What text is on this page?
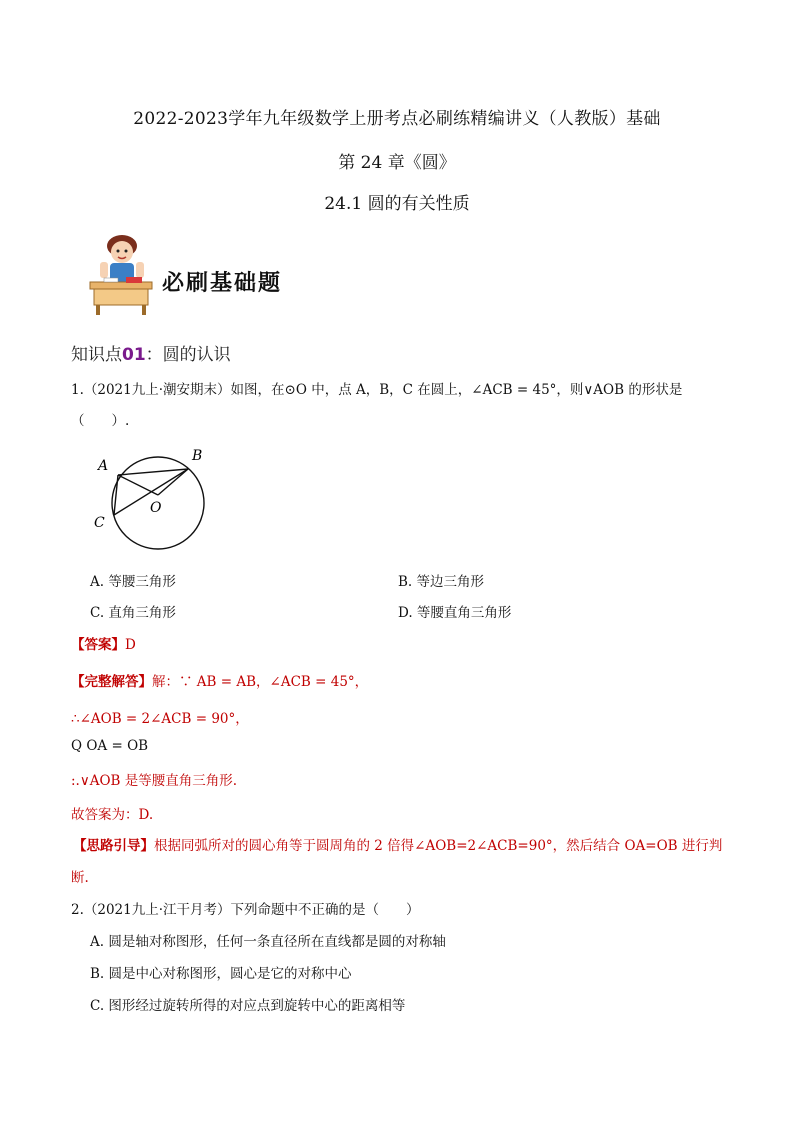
2022-2023学年九年级数学上册考点必刷练精编讲义（人教版）基础
第 24 章《圆》
24.1 圆的有关性质
必刷基础题
知识点01：圆的认识
1.（2021九上·潮安期末）如图，在⊙O 中，点 A，B，C 在圆上，∠ACB = 45°，则∨AOB 的形状是
（　　）.
A
B
C
O
A. 等腰三角形	B. 等边三角形
C. 直角三角形	D. 等腰直角三角形
【答案】D
【完整解答】解：∵ AB = AB，∠ACB = 45°，
∴∠AOB = 2∠ACB = 90°，
Q OA = OB
:.∨AOB 是等腰直角三角形.
故答案为：D.
【思路引导】根据同弧所对的圆心角等于圆周角的 2 倍得∠AOB=2∠ACB=90°，然后结合 OA=OB 进行判
断.
2.（2021九上·江干月考）下列命题中不正确的是（　　）
A. 圆是轴对称图形，任何一条直径所在直线都是圆的对称轴
B. 圆是中心对称图形，圆心是它的对称中心
C. 图形经过旋转所得的对应点到旋转中心的距离相等
